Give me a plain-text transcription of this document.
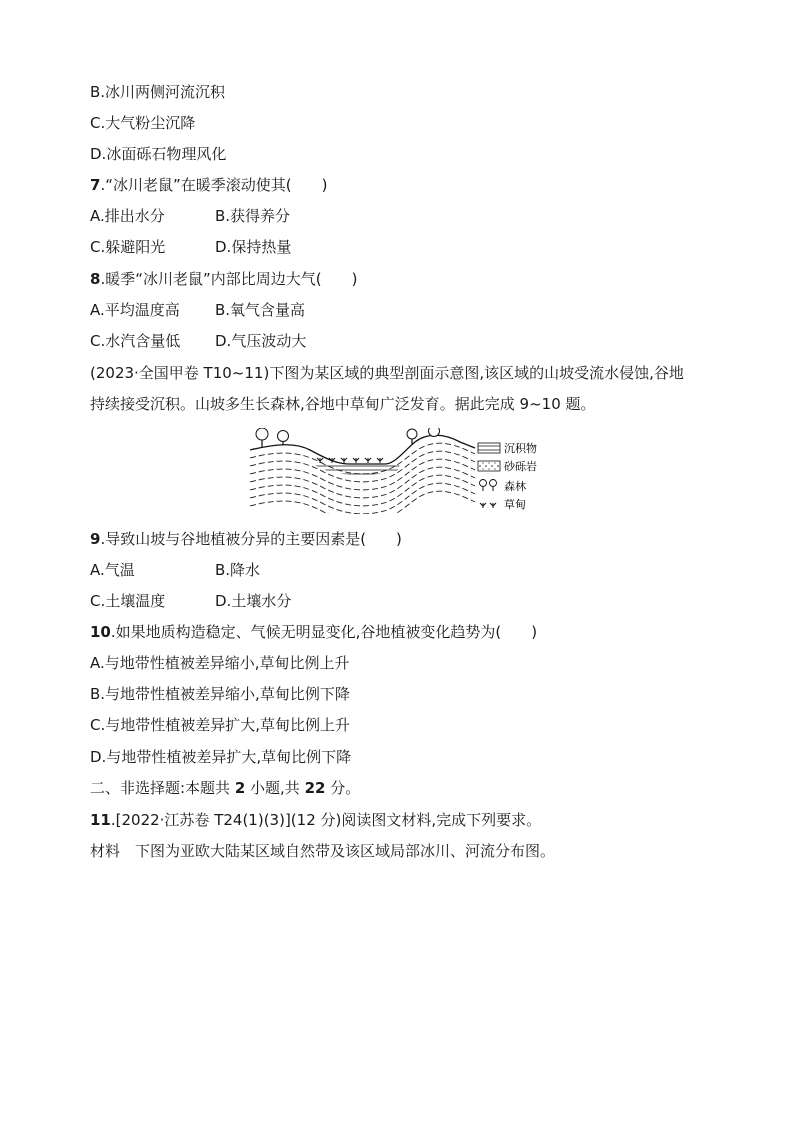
B.冰川两侧河流沉积
C.大气粉尘沉降
D.冰面砾石物理风化
7.“冰川老鼠”在暖季滚动使其(　　)
A.排出水分	B.获得养分
C.躲避阳光	D.保持热量
8.暖季“冰川老鼠”内部比周边大气(　　)
A.平均温度高 B.氧气含量高
C.水汽含量低 D.气压波动大
(2023·全国甲卷 T10~11)下图为某区域的典型剖面示意图,该区域的山坡受流水侵蚀,谷地
持续接受沉积。山坡多生长森林,谷地中草甸广泛发育。据此完成 9~10 题。
沉积物
砂砾岩
森林
草甸
9.导致山坡与谷地植被分异的主要因素是(　　)
A.气温	B.降水
C.土壤温度	D.土壤水分
10.如果地质构造稳定、气候无明显变化,谷地植被变化趋势为(　　)
A.与地带性植被差异缩小,草甸比例上升
B.与地带性植被差异缩小,草甸比例下降
C.与地带性植被差异扩大,草甸比例上升
D.与地带性植被差异扩大,草甸比例下降
二、非选择题:本题共 2 小题,共 22 分。
11.[2022·江苏卷 T24(1)(3)](12 分)阅读图文材料,完成下列要求。
材料　下图为亚欧大陆某区域自然带及该区域局部冰川、河流分布图。
